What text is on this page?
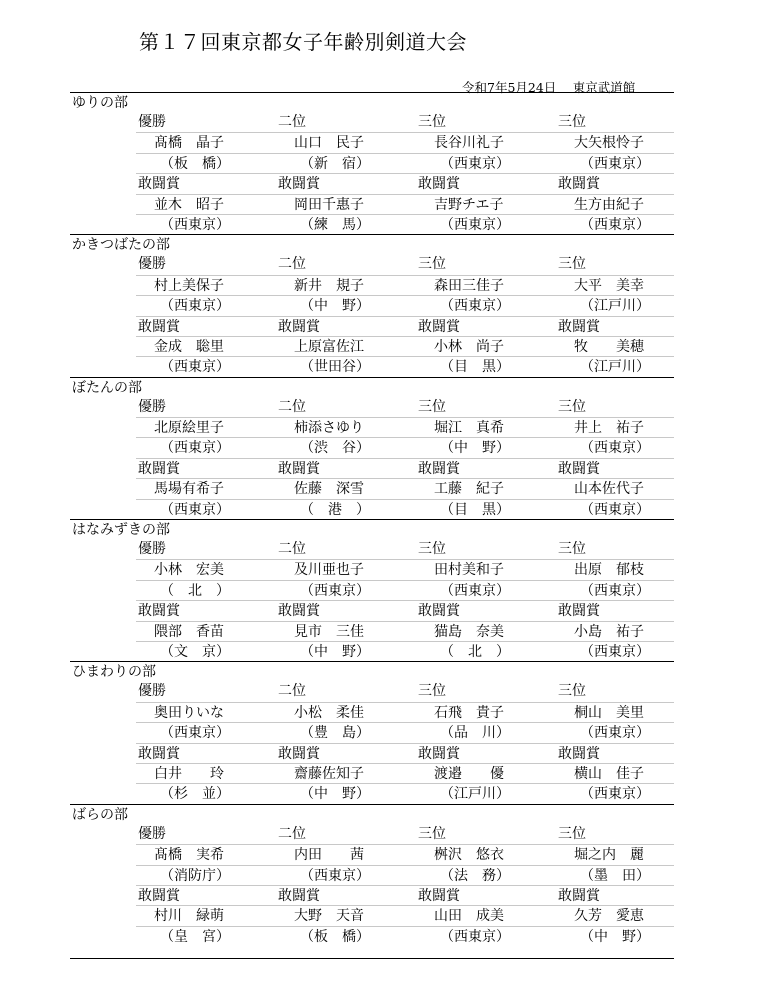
第１７回東京都女子年齢別剣道大会
令和7年5月24日　 東京武道館
ゆりの部
優勝	二位	三位	三位
髙橋　晶子	山口　民子	長谷川礼子	大矢根怜子
（板　橋）	（新　宿）	（西東京）	（西東京）
敢闘賞	敢闘賞	敢闘賞	敢闘賞
並木　昭子	岡田千惠子	吉野チエ子	生方由紀子
（西東京）	（練　馬）	（西東京）	（西東京）
かきつばたの部
優勝	二位	三位	三位
村上美保子	新井　規子	森田三佳子	大平　美幸
（西東京）	（中　野）	（西東京）	（江戸川）
敢闘賞	敢闘賞	敢闘賞	敢闘賞
金成　聡里	上原富佐江	小林　尚子	牧　　美穂
（西東京）	（世田谷）	（目　黒）	（江戸川）
ぼたんの部
優勝	二位	三位	三位
北原絵里子	柿添さゆり	堀江　真希	井上　祐子
（西東京）	（渋　谷）	（中　野）	（西東京）
敢闘賞	敢闘賞	敢闘賞	敢闘賞
馬場有希子	佐藤　深雪	工藤　紀子	山本佐代子
（西東京）	（　港　）	（目　黒）	（西東京）
はなみずきの部
優勝	二位	三位	三位
小林　宏美	及川亜也子	田村美和子	出原　郁枝
（　北　）	（西東京）	（西東京）	（西東京）
敢闘賞	敢闘賞	敢闘賞	敢闘賞
隈部　香苗	見市　三佳	猫島　奈美	小島　祐子
（文　京）	（中　野）	（　北　）	（西東京）
ひまわりの部
優勝	二位	三位	三位
奥田りいな	小松　柔佳	石飛　貴子	桐山　美里
（西東京）	（豊　島）	（品　川）	（西東京）
敢闘賞	敢闘賞	敢闘賞	敢闘賞
白井　　玲	齋藤佐知子	渡邉　　優	横山　佳子
（杉　並）	（中　野）	（江戸川）	（西東京）
ばらの部
優勝	二位	三位	三位
髙橋　実希	内田　　茜	桝沢　悠衣	堀之内　麗
（消防庁）	（西東京）	（法　務）	（墨　田）
敢闘賞	敢闘賞	敢闘賞	敢闘賞
村川　緑萌	大野　天音	山田　成美	久芳　愛恵
（皇　宮）	（板　橋）	（西東京）	（中　野）
